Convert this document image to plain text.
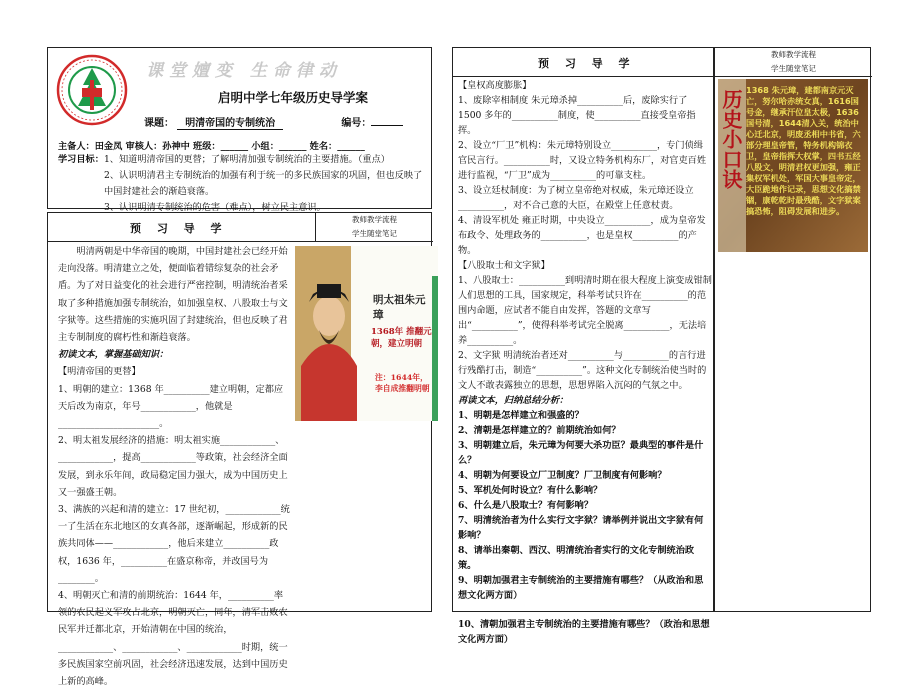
课堂嬗变 生命律动
启明中学七年级历史导学案
课题： 明清帝国的专制统治	编号：
主备人：田金凤 审核人：孙神中 班级：______ 小组：______ 姓名：______
学习目标：1、知道明清帝国的更替；了解明清加强专制统治的主要措施。（重点）

2、认识明清君主专制统治的加强有利于统一的多民族国家的巩固，但也反映了中国封建社会的渐趋衰落。
3、认识明清专制统治的危害（难点），树立民主意识。
预 习 导 学
教师教学流程
学生随堂笔记

明清两朝是中华帝国的晚期，中国封建社会已经开始走向没落。明清建立之处，便面临着错综复杂的社会矛盾。为了对日益变化的社会进行严密控制，明清统治者采取了多种措施加强专制统治，如加强皇权、八股取士与文字狱等。这些措施的实施巩固了封建统治，但也反映了君主专制制度的腐朽性和渐趋衰落。

初读文本，掌握基础知识：

【明清帝国的更替】

1、明朝的建立：1368 年__________建立明朝，定都应天后改为南京，年号____________，他就是______________________。

2、明太祖发展经济的措施：明太祖实施____________、____________，提高____________等政策，社会经济全面发展，到永乐年间，政局稳定国力强大，成为中国历史上又一强盛王朝。

3、满族的兴起和清的建立：17 世纪初，____________统一了生活在东北地区的女真各部，逐渐崛起，形成新的民族共同体——____________，他后来建立__________政权，1636 年，__________在盛京称帝，并改国号为________。

4、明朝灭亡和清的前期统治：1644 年，__________率领的农民起义军攻占北京，明朝灭亡，同年，清军击败农民军并迁都北京，开始清朝在中国的统治，____________、____________、____________时期，统一多民族国家空前巩固，社会经济迅速发展，达到中国历史上新的高峰。

明太祖朱元璋
1368年 推翻元朝，建立明朝
注：1644年，李自成推翻明朝
预 习 导 学

【皇权高度膨胀】

1、废除宰相制度 朱元璋杀掉__________后，废除实行了 1500 多年的__________制度，使__________直接受皇帝指挥。

2、设立“厂卫”机构：朱元璋特别设立__________，专门侦缉官民言行。__________时，又设立特务机构东厂，对官吏百姓进行监视，“厂卫”成为__________的可靠支柱。

3、设立廷杖制度：为了树立皇帝绝对权威，朱元璋还设立__________，对不合己意的大臣，在殿堂上任意杖责。

4、清设军机处 雍正时期，中央设立__________，成为皇帝发布政令、处理政务的__________，也是皇权__________的产物。

【八股取士和文字狱】

1、八股取士：__________到明清时期在很大程度上演变成钳制人们思想的工具，国家规定，科举考试只许在__________的范围内命题，应试者不能自由发挥，答题的文章写出“__________”，使得科举考试完全脱离__________，无法培养__________。

2、文字狱 明清统治者还对__________与__________的言行进行残酷打击，制造“__________”。这种文化专制统治使当时的文人不敢表露独立的思想，思想界陷入沉闷的气氛之中。

再读文本，归纳总结分析：

1、明朝是怎样建立和强盛的？

2、清朝是怎样建立的？前期统治如何？

3、明朝建立后，朱元璋为何要大杀功臣？最典型的事件是什么？

4、明朝为何要设立厂卫制度？厂卫制度有何影响？

5、军机处何时设立？有什么影响？

6、什么是八股取士？有何影响？

7、明清统治者为什么实行文字狱？请举例并说出文字狱有何影响？

8、请举出秦朝、西汉、明清统治者实行的文化专制统治政策。

9、明朝加强君主专制统治的主要措施有哪些？（从政治和思想文化两方面）

10、清朝加强君主专制统治的主要措施有哪些？（政治和思想文化两方面）

教师教学流程
学生随堂笔记
历史小口诀 1368 朱元璋，建都南京元灭亡，努尔哈赤统女真，1616国号金，继承汗位皇太极，1636国号清，1644清入关，统治中心迁北京，明废丞相中书省，六部分理皇帝管，特务机构锦衣卫，皇帝指挥大权掌，四书五经八股文，明清君权更加强，雍正集权军机处，军国大事皇帝定，大臣跪地作记录，思想文化搞禁锢，康乾乾时最残酷，文字狱案搞恐怖，阻碍发展和进步。
